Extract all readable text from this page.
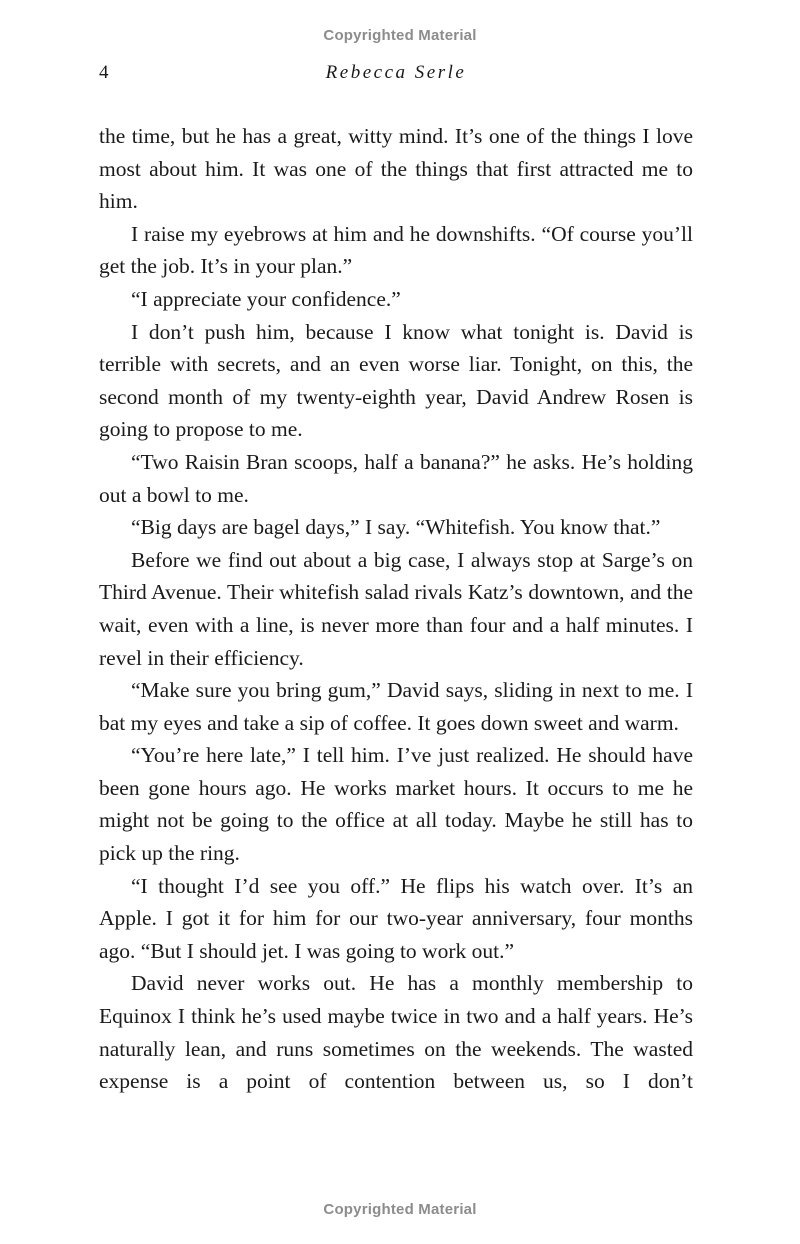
Copyrighted Material
4	Rebecca Serle

the time, but he has a great, witty mind. It’s one of the things I love most about him. It was one of the things that first attracted me to him.

I raise my eyebrows at him and he downshifts. “Of course you’ll get the job. It’s in your plan.”

“I appreciate your confidence.”

I don’t push him, because I know what tonight is. David is terrible with secrets, and an even worse liar. Tonight, on this, the second month of my twenty-eighth year, David Andrew Rosen is going to propose to me.

“Two Raisin Bran scoops, half a banana?” he asks. He’s holding out a bowl to me.

“Big days are bagel days,” I say. “Whitefish. You know that.”

Before we find out about a big case, I always stop at Sarge’s on Third Avenue. Their whitefish salad rivals Katz’s downtown, and the wait, even with a line, is never more than four and a half minutes. I revel in their efficiency.

“Make sure you bring gum,” David says, sliding in next to me. I bat my eyes and take a sip of coffee. It goes down sweet and warm.

“You’re here late,” I tell him. I’ve just realized. He should have been gone hours ago. He works market hours. It occurs to me he might not be going to the office at all today. Maybe he still has to pick up the ring.

“I thought I’d see you off.” He flips his watch over. It’s an Apple. I got it for him for our two-year anniversary, four months ago. “But I should jet. I was going to work out.”

David never works out. He has a monthly membership to Equinox I think he’s used maybe twice in two and a half years. He’s naturally lean, and runs sometimes on the weekends. The wasted expense is a point of contention between us, so I don’t

Copyrighted Material
